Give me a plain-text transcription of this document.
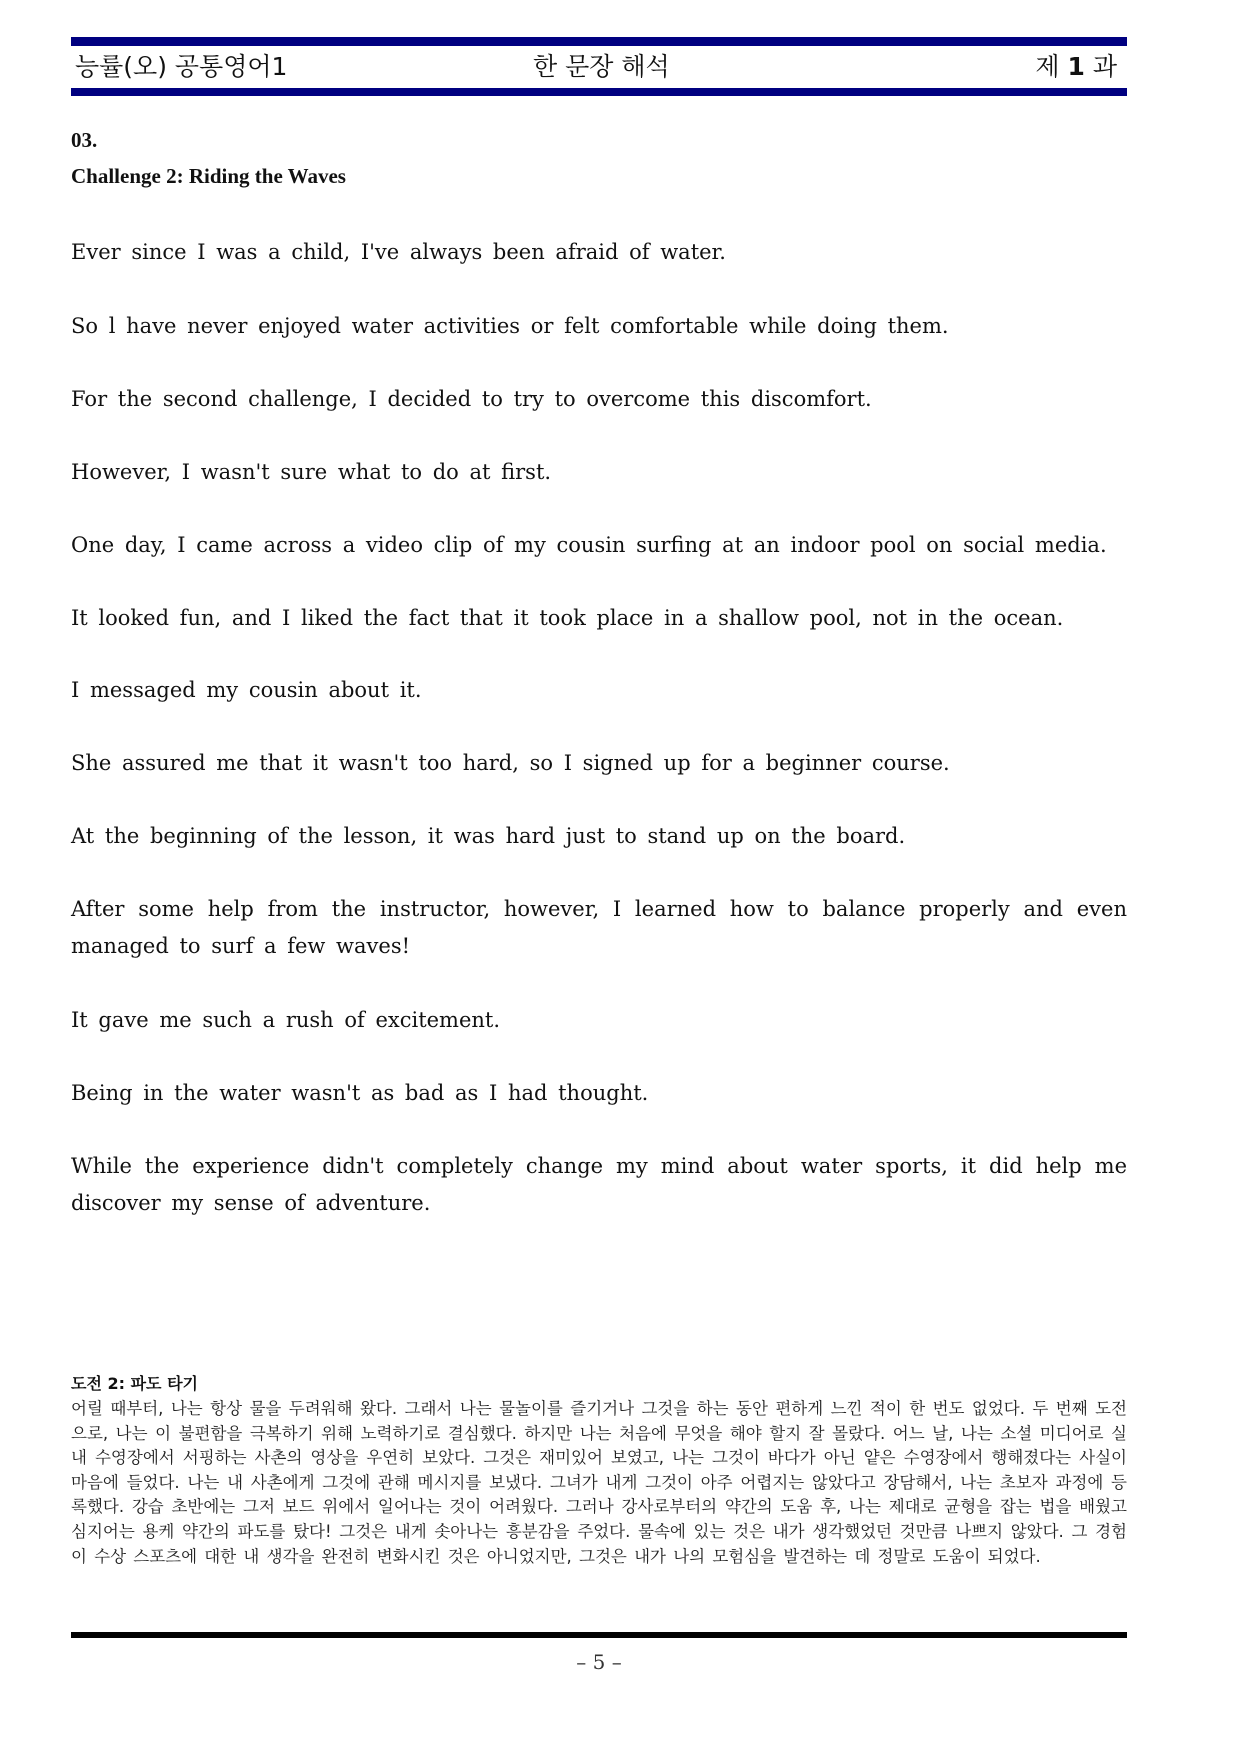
능률(오) 공통영어1	한 문장 해석	제 1 과
03.
Challenge 2: Riding the Waves
Ever since I was a child, I've always been afraid of water.
So l have never enjoyed water activities or felt comfortable while doing them.
For the second challenge, I decided to try to overcome this discomfort.
However, I wasn't sure what to do at first.
One day, I came across a video clip of my cousin surfing at an indoor pool on social media.
It looked fun, and I liked the fact that it took place in a shallow pool, not in the ocean.
I messaged my cousin about it.
She assured me that it wasn't too hard, so I signed up for a beginner course.
At the beginning of the lesson, it was hard just to stand up on the board.
After some help from the instructor, however, I learned how to balance properly and even managed to surf a few waves!
It gave me such a rush of excitement.
Being in the water wasn't as bad as I had thought.
While the experience didn't completely change my mind about water sports, it did help me discover my sense of adventure.
도전 2: 파도 타기
어릴 때부터, 나는 항상 물을 두려워해 왔다. 그래서 나는 물놀이를 즐기거나 그것을 하는 동안 편하게 느낀 적이 한 번도 없었다. 두 번째 도전으로, 나는 이 불편함을 극복하기 위해 노력하기로 결심했다. 하지만 나는 처음에 무엇을 해야 할지 잘 몰랐다. 어느 날, 나는 소셜 미디어로 실내 수영장에서 서핑하는 사촌의 영상을 우연히 보았다. 그것은 재미있어 보였고, 나는 그것이 바다가 아닌 얕은 수영장에서 행해졌다는 사실이 마음에 들었다. 나는 내 사촌에게 그것에 관해 메시지를 보냈다. 그녀가 내게 그것이 아주 어렵지는 않았다고 장담해서, 나는 초보자 과정에 등록했다. 강습 초반에는 그저 보드 위에서 일어나는 것이 어려웠다. 그러나 강사로부터의 약간의 도움 후, 나는 제대로 균형을 잡는 법을 배웠고 심지어는 용케 약간의 파도를 탔다! 그것은 내게 솟아나는 흥분감을 주었다. 물속에 있는 것은 내가 생각했었던 것만큼 나쁘지 않았다. 그 경험이 수상 스포츠에 대한 내 생각을 완전히 변화시킨 것은 아니었지만, 그것은 내가 나의 모험심을 발견하는 데 정말로 도움이 되었다.
– 5 –
